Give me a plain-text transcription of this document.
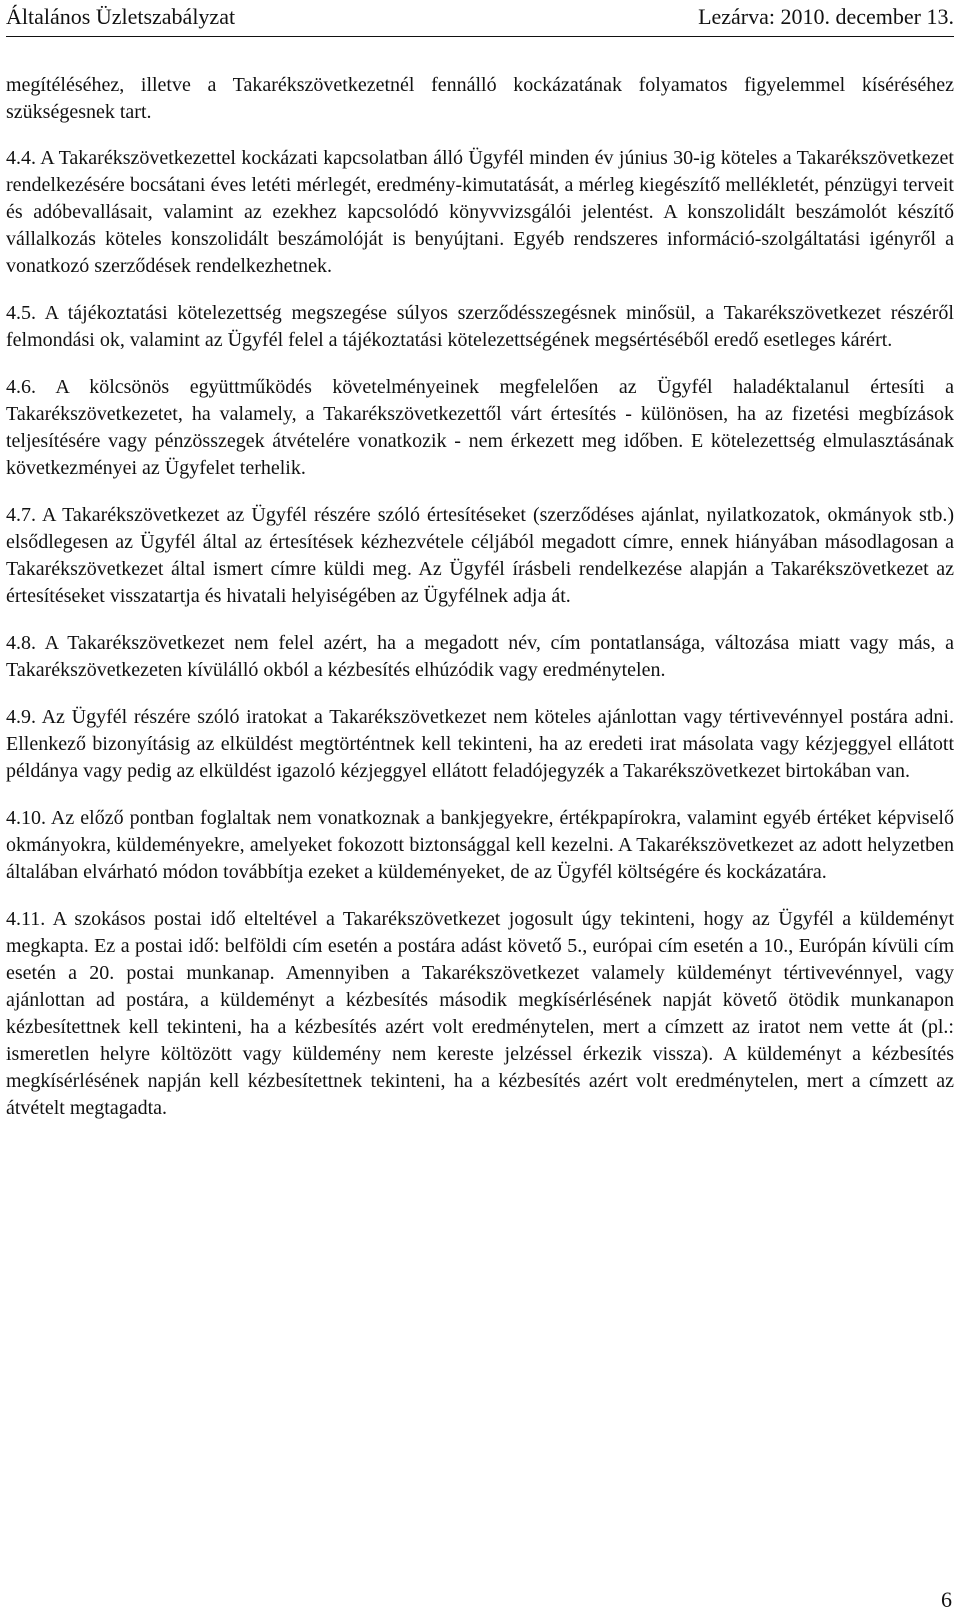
Általános Üzletszabályzat	Lezárva: 2010. december 13.

megítéléséhez, illetve a Takarékszövetkezetnél fennálló kockázatának folyamatos figyelemmel kíséréséhez szükségesnek tart.

4.4. A Takarékszövetkezettel kockázati kapcsolatban álló Ügyfél minden év június 30-ig köteles a Takarékszövetkezet rendelkezésére bocsátani éves letéti mérlegét, eredmény-kimutatását, a mérleg kiegészítő mellékletét, pénzügyi terveit és adóbevallásait, valamint az ezekhez kapcsolódó könyvvizsgálói jelentést. A konszolidált beszámolót készítő vállalkozás köteles konszolidált beszámolóját is benyújtani. Egyéb rendszeres információ-szolgáltatási igényről a vonatkozó szerződések rendelkezhetnek.

4.5. A tájékoztatási kötelezettség megszegése súlyos szerződésszegésnek minősül, a Takarékszövetkezet részéről felmondási ok, valamint az Ügyfél felel a tájékoztatási kötelezettségének megsértéséből eredő esetleges kárért.

4.6. A kölcsönös együttműködés követelményeinek megfelelően az Ügyfél haladéktalanul értesíti a Takarékszövetkezetet, ha valamely, a Takarékszövetkezettől várt értesítés - különösen, ha az fizetési megbízások teljesítésére vagy pénzösszegek átvételére vonatkozik - nem érkezett meg időben. E kötelezettség elmulasztásának következményei az Ügyfelet terhelik.

4.7. A Takarékszövetkezet az Ügyfél részére szóló értesítéseket (szerződéses ajánlat, nyilatkozatok, okmányok stb.) elsődlegesen az Ügyfél által az értesítések kézhezvétele céljából megadott címre, ennek hiányában másodlagosan a Takarékszövetkezet által ismert címre küldi meg. Az Ügyfél írásbeli rendelkezése alapján a Takarékszövetkezet az értesítéseket visszatartja és hivatali helyiségében az Ügyfélnek adja át.

4.8. A Takarékszövetkezet nem felel azért, ha a megadott név, cím pontatlansága, változása miatt vagy más, a Takarékszövetkezeten kívülálló okból a kézbesítés elhúzódik vagy eredménytelen.

4.9. Az Ügyfél részére szóló iratokat a Takarékszövetkezet nem köteles ajánlottan vagy tértivevénnyel postára adni. Ellenkező bizonyításig az elküldést megtörténtnek kell tekinteni, ha az eredeti irat másolata vagy kézjeggyel ellátott példánya vagy pedig az elküldést igazoló kézjeggyel ellátott feladójegyzék a Takarékszövetkezet birtokában van.

4.10. Az előző pontban foglaltak nem vonatkoznak a bankjegyekre, értékpapírokra, valamint egyéb értéket képviselő okmányokra, küldeményekre, amelyeket fokozott biztonsággal kell kezelni. A Takarékszövetkezet az adott helyzetben általában elvárható módon továbbítja ezeket a küldeményeket, de az Ügyfél költségére és kockázatára.

4.11. A szokásos postai idő elteltével a Takarékszövetkezet jogosult úgy tekinteni, hogy az Ügyfél a küldeményt megkapta. Ez a postai idő: belföldi cím esetén a postára adást követő 5., európai cím esetén a 10., Európán kívüli cím esetén a 20. postai munkanap. Amennyiben a Takarékszövetkezet valamely küldeményt tértivevénnyel, vagy ajánlottan ad postára, a küldeményt a kézbesítés második megkísérlésének napját követő ötödik munkanapon kézbesítettnek kell tekinteni, ha a kézbesítés azért volt eredménytelen, mert a címzett az iratot nem vette át (pl.: ismeretlen helyre költözött vagy küldemény nem kereste jelzéssel érkezik vissza). A küldeményt a kézbesítés megkísérlésének napján kell kézbesítettnek tekinteni, ha a kézbesítés azért volt eredménytelen, mert a címzett az átvételt megtagadta.

6
